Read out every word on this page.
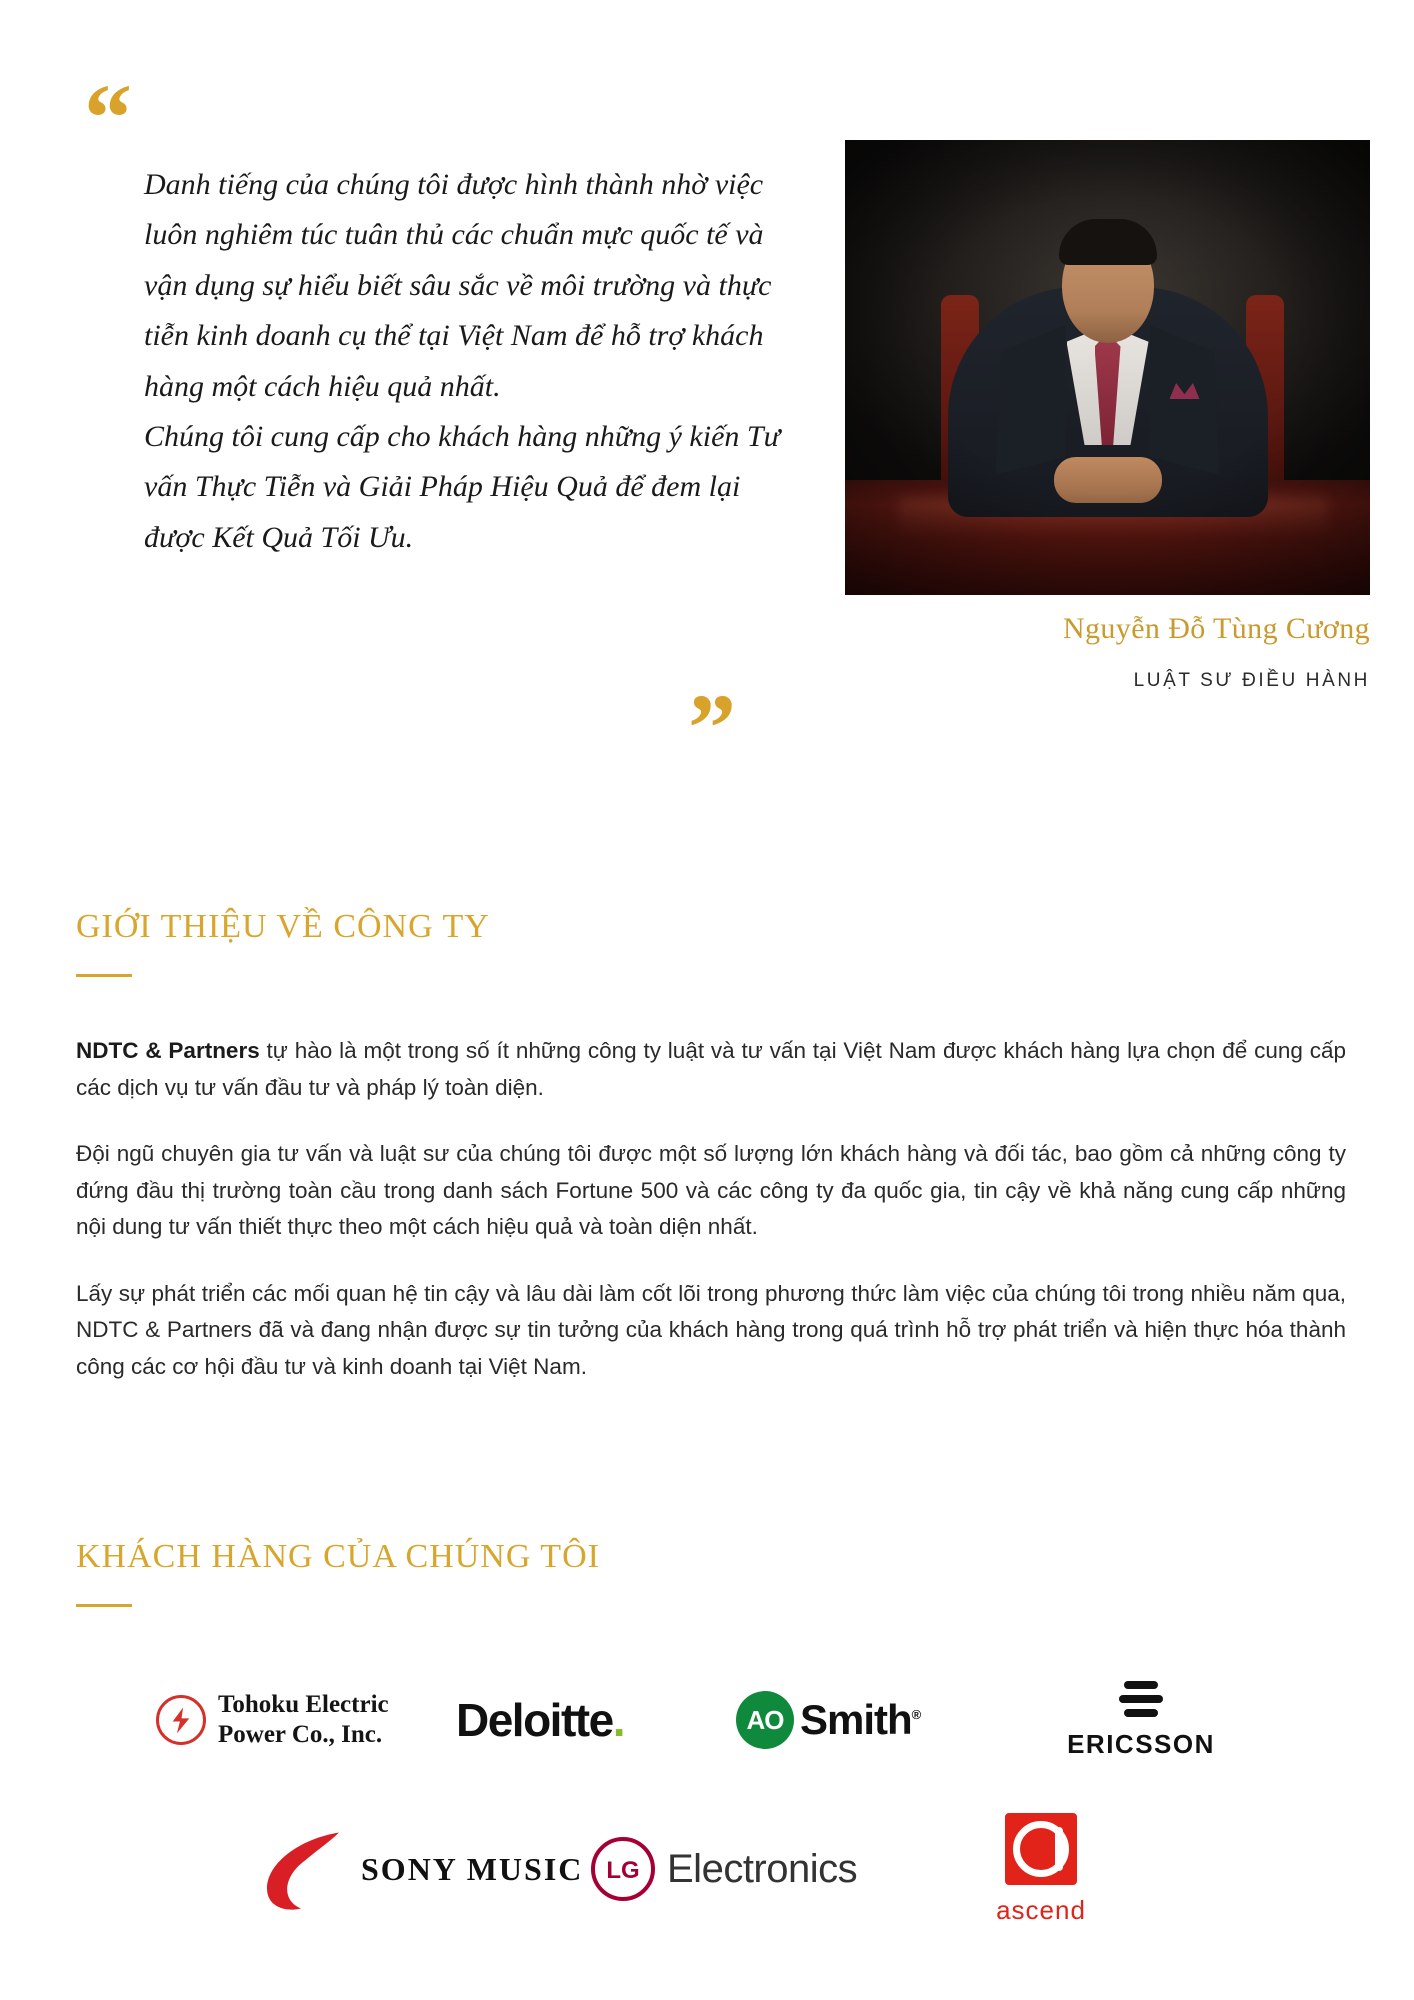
“

Danh tiếng của chúng tôi được hình thành nhờ việc luôn nghiêm túc tuân thủ các chuẩn mực quốc tế và vận dụng sự hiểu biết sâu sắc về môi trường và thực tiễn kinh doanh cụ thể tại Việt Nam để hỗ trợ khách hàng một cách hiệu quả nhất.

Chúng tôi cung cấp cho khách hàng những ý kiến Tư vấn Thực Tiễn và Giải Pháp Hiệu Quả để đem lại được Kết Quả Tối Ưu.

”
Nguyễn Đỗ Tùng Cương
LUẬT SƯ ĐIỀU HÀNH
GIỚI THIỆU VỀ CÔNG TY

NDTC & Partners tự hào là một trong số ít những công ty luật và tư vấn tại Việt Nam được khách hàng lựa chọn để cung cấp các dịch vụ tư vấn đầu tư và pháp lý toàn diện.

Đội ngũ chuyên gia tư vấn và luật sư của chúng tôi được một số lượng lớn khách hàng và đối tác, bao gồm cả những công ty đứng đầu thị trường toàn cầu trong danh sách Fortune 500 và các công ty đa quốc gia, tin cậy về khả năng cung cấp những nội dung tư vấn thiết thực theo một cách hiệu quả và toàn diện nhất.

Lấy sự phát triển các mối quan hệ tin cậy và lâu dài làm cốt lõi trong phương thức làm việc của chúng tôi trong nhiều năm qua, NDTC & Partners đã và đang nhận được sự tin tưởng của khách hàng trong quá trình hỗ trợ phát triển và hiện thực hóa thành công các cơ hội đầu tư và kinh doanh tại Việt Nam.

KHÁCH HÀNG CỦA CHÚNG TÔI
Tohoku Electric
Power Co., Inc. Deloitte.	AO Smith®
ERICSSON
SONY MUSIC LG Electronics
ascend
